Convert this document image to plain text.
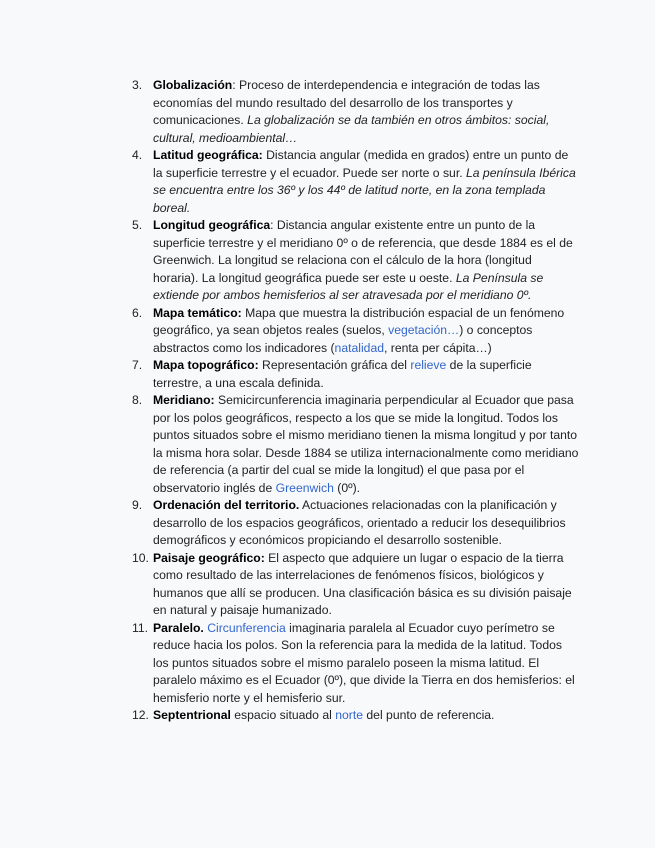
3. Globalización: Proceso de interdependencia e integración de todas las economías del mundo resultado del desarrollo de los transportes y comunicaciones. La globalización se da también en otros ámbitos: social, cultural, medioambiental…
4. Latitud geográfica: Distancia angular (medida en grados) entre un punto de la superficie terrestre y el ecuador. Puede ser norte o sur. La península Ibérica se encuentra entre los 36º y los 44º de latitud norte, en la zona templada boreal.
5. Longitud geográfica: Distancia angular existente entre un punto de la superficie terrestre y el meridiano 0º o de referencia, que desde 1884 es el de Greenwich. La longitud se relaciona con el cálculo de la hora (longitud horaria). La longitud geográfica puede ser este u oeste. La Península se extiende por ambos hemisferios al ser atravesada por el meridiano 0º.
6. Mapa temático: Mapa que muestra la distribución espacial de un fenómeno geográfico, ya sean objetos reales (suelos, vegetación…) o conceptos abstractos como los indicadores (natalidad, renta per cápita…)
7. Mapa topográfico: Representación gráfica del relieve de la superficie terrestre, a una escala definida.
8. Meridiano: Semicircunferencia imaginaria perpendicular al Ecuador que pasa por los polos geográficos, respecto a los que se mide la longitud. Todos los puntos situados sobre el mismo meridiano tienen la misma longitud y por tanto la misma hora solar. Desde 1884 se utiliza internacionalmente como meridiano de referencia (a partir del cual se mide la longitud) el que pasa por el observatorio inglés de Greenwich (0º).
9. Ordenación del territorio. Actuaciones relacionadas con la planificación y desarrollo de los espacios geográficos, orientado a reducir los desequilibrios demográficos y económicos propiciando el desarrollo sostenible.
10. Paisaje geográfico: El aspecto que adquiere un lugar o espacio de la tierra como resultado de las interrelaciones de fenómenos físicos, biológicos y humanos que allí se producen. Una clasificación básica es su división paisaje en natural y paisaje humanizado.
11. Paralelo. Circunferencia imaginaria paralela al Ecuador cuyo perímetro se reduce hacia los polos. Son la referencia para la medida de la latitud. Todos los puntos situados sobre el mismo paralelo poseen la misma latitud. El paralelo máximo es el Ecuador (0º), que divide la Tierra en dos hemisferios: el hemisferio norte y el hemisferio sur.
12. Septentrional espacio situado al norte del punto de referencia.
